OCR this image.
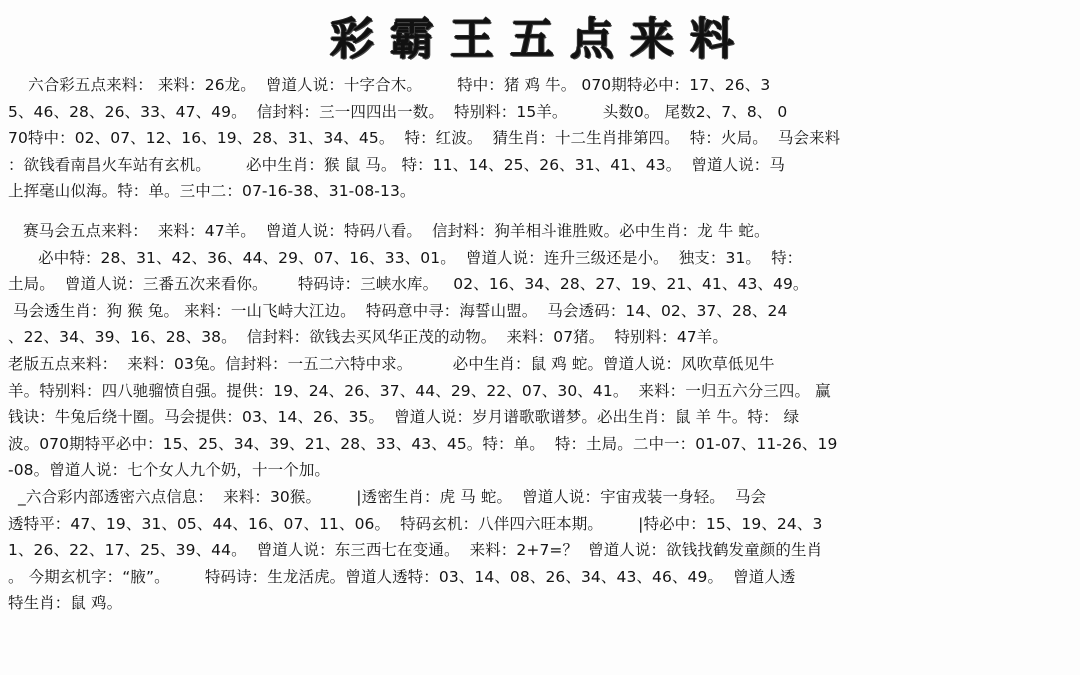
彩霸王五点来料
六合彩五点来料： 来料：26龙。  曾道人说：十字合木。       特中：猪 鸡 牛。 070期特必中：17、26、3
5、46、28、26、33、47、49。  信封料：三一四四出一数。  特别料：15羊。       头数0。 尾数2、7、8、 0
70特中：02、07、12、16、19、28、31、34、45。  特：红波。  猜生肖：十二生肖排第四。  特：火局。  马会来料
：欲钱看南昌火车站有玄机。       必中生肖：猴 鼠 马。 特：11、14、25、26、31、41、43。  曾道人说：马
上挥毫山似海。特：单。三中二：07-16-38、31-08-13。
赛马会五点来料：  来料：47羊。  曾道人说：特码八看。  信封料：狗羊相斗谁胜败。必中生肖：龙 牛 蛇。
必中特：28、31、42、36、44、29、07、16、33、01。  曾道人说：连升三级还是小。  独支：31。  特：
土局。  曾道人说：三番五次来看你。      特码诗：三峡水库。   02、16、34、28、27、19、21、41、43、49。
马会透生肖：狗 猴 兔。 来料：一山飞峙大江边。  特码意中寻：海誓山盟。  马会透码：14、02、37、28、24
、22、34、39、16、28、38。  信封料：欲钱去买风华正茂的动物。  来料：07猪。  特别料：47羊。
老版五点来料：  来料：03兔。信封料：一五二六特中求。        必中生肖：鼠 鸡 蛇。曾道人说：风吹草低见牛
羊。特别料：四八驰骝愤自强。提供：19、24、26、37、44、29、22、07、30、41。  来料：一归五六分三四。 赢
钱诀：牛兔后绕十圈。马会提供：03、14、26、35。  曾道人说：岁月谱歌歌谱梦。必出生肖：鼠 羊 牛。特： 绿
波。070期特平必中：15、25、34、39、21、28、33、43、45。特：单。  特：土局。二中一：01-07、11-26、19
-08。曾道人说：七个女人九个奶，十一个加。
_六合彩内部透密六点信息：  来料：30猴。       |透密生肖：虎 马 蛇。  曾道人说：宇宙戎装一身轻。  马会
透特平：47、19、31、05、44、16、07、11、06。  特码玄机：八伴四六旺本期。       |特必中：15、19、24、3
1、26、22、17、25、39、44。  曾道人说：东三西七在变通。  来料：2+7=？  曾道人说：欲钱找鹤发童颜的生肖
。 今期玄机字：“腋”。       特码诗：生龙活虎。曾道人透特：03、14、08、26、34、43、46、49。  曾道人透
特生肖：鼠 鸡。
